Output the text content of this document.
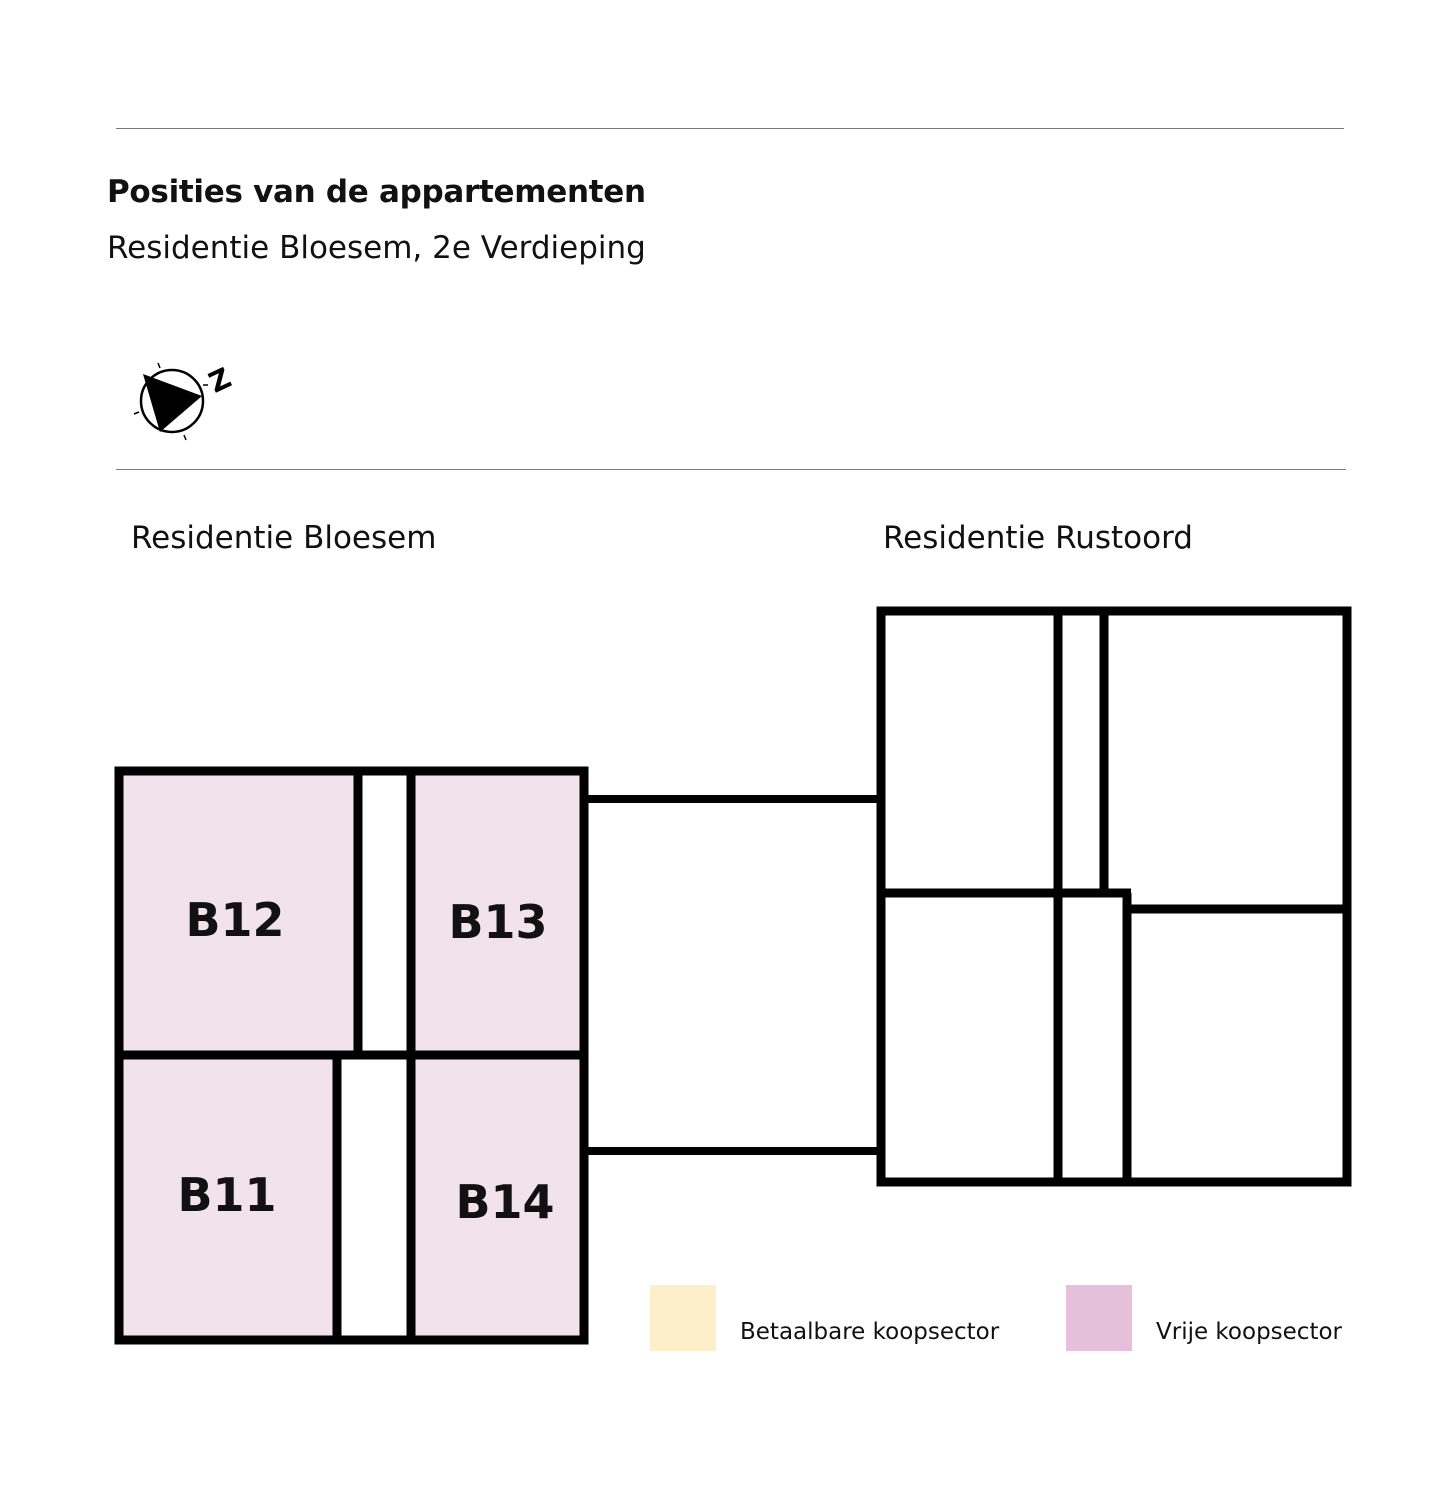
Posities van de appartementen
Residentie Bloesem, 2e Verdieping
Z
Residentie Bloesem	Residentie Rustoord
B12	B13
B11	B14
Betaalbare koopsector	Vrije koopsector
